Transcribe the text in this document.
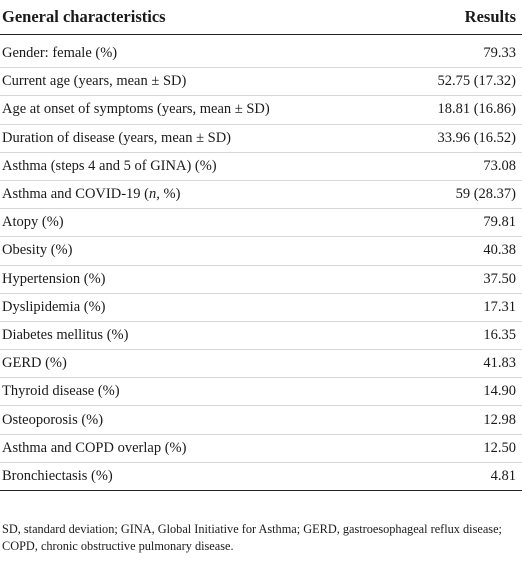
General characteristics	Results
Gender: female (%)	79.33
Current age (years, mean ± SD)	52.75 (17.32)
Age at onset of symptoms (years, mean ± SD)	18.81 (16.86)
Duration of disease (years, mean ± SD)	33.96 (16.52)
Asthma (steps 4 and 5 of GINA) (%)	73.08
Asthma and COVID-19 (n, %)	59 (28.37)
Atopy (%)	79.81
Obesity (%)	40.38
Hypertension (%)	37.50
Dyslipidemia (%)	17.31
Diabetes mellitus (%)	16.35
GERD (%)	41.83
Thyroid disease (%)	14.90
Osteoporosis (%)	12.98
Asthma and COPD overlap (%)	12.50
Bronchiectasis (%)	4.81
SD, standard deviation; GINA, Global Initiative for Asthma; GERD, gastroesophageal reflux disease; COPD, chronic obstructive pulmonary disease.
